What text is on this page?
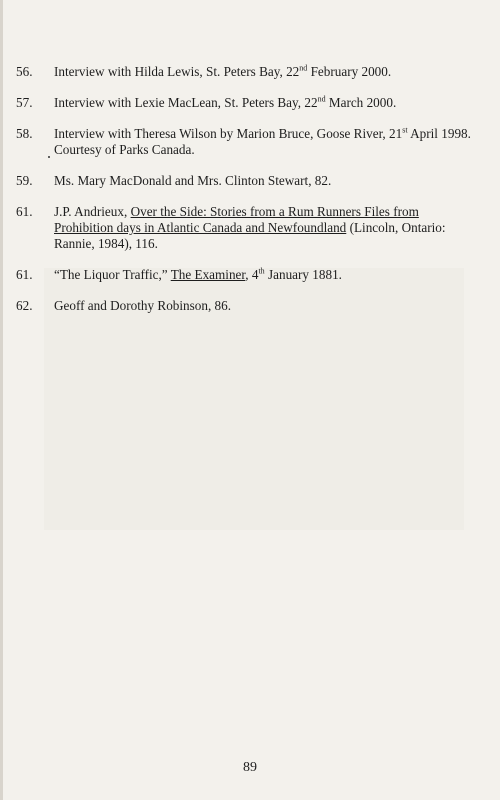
56.	Interview with Hilda Lewis, St. Peters Bay, 22nd February 2000.
57.	Interview with Lexie MacLean, St. Peters Bay, 22nd March 2000.
58.	Interview with Theresa Wilson by Marion Bruce, Goose River, 21st April 1998. Courtesy of Parks Canada.
59.	Ms. Mary MacDonald and Mrs. Clinton Stewart, 82.
61.	J.P. Andrieux, Over the Side: Stories from a Rum Runners Files from Prohibition days in Atlantic Canada and Newfoundland (Lincoln, Ontario: Rannie, 1984), 116.
61.	“The Liquor Traffic,” The Examiner, 4th January 1881.
62.	Geoff and Dorothy Robinson, 86.
89
